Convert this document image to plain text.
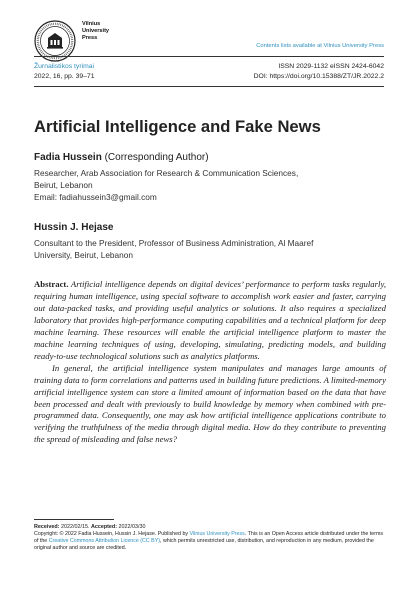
Vilnius
University
Press
Contents lists available at Vilnius University Press
Žurnalistikos tyrimai
2022, 16, pp. 39–71
ISSN 2029-1132 eISSN 2424-6042
DOI: https://doi.org/10.15388/ZT/JR.2022.2
Artificial Intelligence and Fake News
Fadia Hussein (Corresponding Author)
Researcher, Arab Association for Research & Communication Sciences,
Beirut, Lebanon
Email: fadiahussein3@gmail.com
Hussin J. Hejase
Consultant to the President, Professor of Business Administration, Al Maaref
University, Beirut, Lebanon

Abstract. Artificial intelligence depends on digital devices’ performance to perform tasks regularly, requiring human intelligence, using special software to accomplish work easier and faster, carrying out data-packed tasks, and providing useful analytics or solutions. It also requires a specialized laboratory that provides high-performance computing capabilities and a technical platform for deep machine learning. These resources will enable the artificial intelligence platform to master the machine learning techniques of using, developing, simulating, predicting models, and building ready-to-use technological solutions such as analytics platforms.

In general, the artificial intelligence system manipulates and manages large amounts of training data to form correlations and patterns used in building future predictions. A limited-memory artificial intelligence system can store a limited amount of information based on the data that have been processed and dealt with previously to build knowledge by memory when combined with pre-programmed data. Consequently, one may ask how artificial intelligence applications contribute to verifying the truthfulness of the media through digital media. How do they contribute to preventing the spread of misleading and false news?

Received: 2022/02/15. Accepted: 2022/03/30
Copyright: © 2022 Fadia Hussein, Hussin J. Hejase. Published by Vilnius University Press. This is an Open Access article distributed under the terms of the Creative Commons Attribution Licence (CC BY), which permits unrestricted use, distribution, and reproduction in any medium, provided the original author and source are credited.
